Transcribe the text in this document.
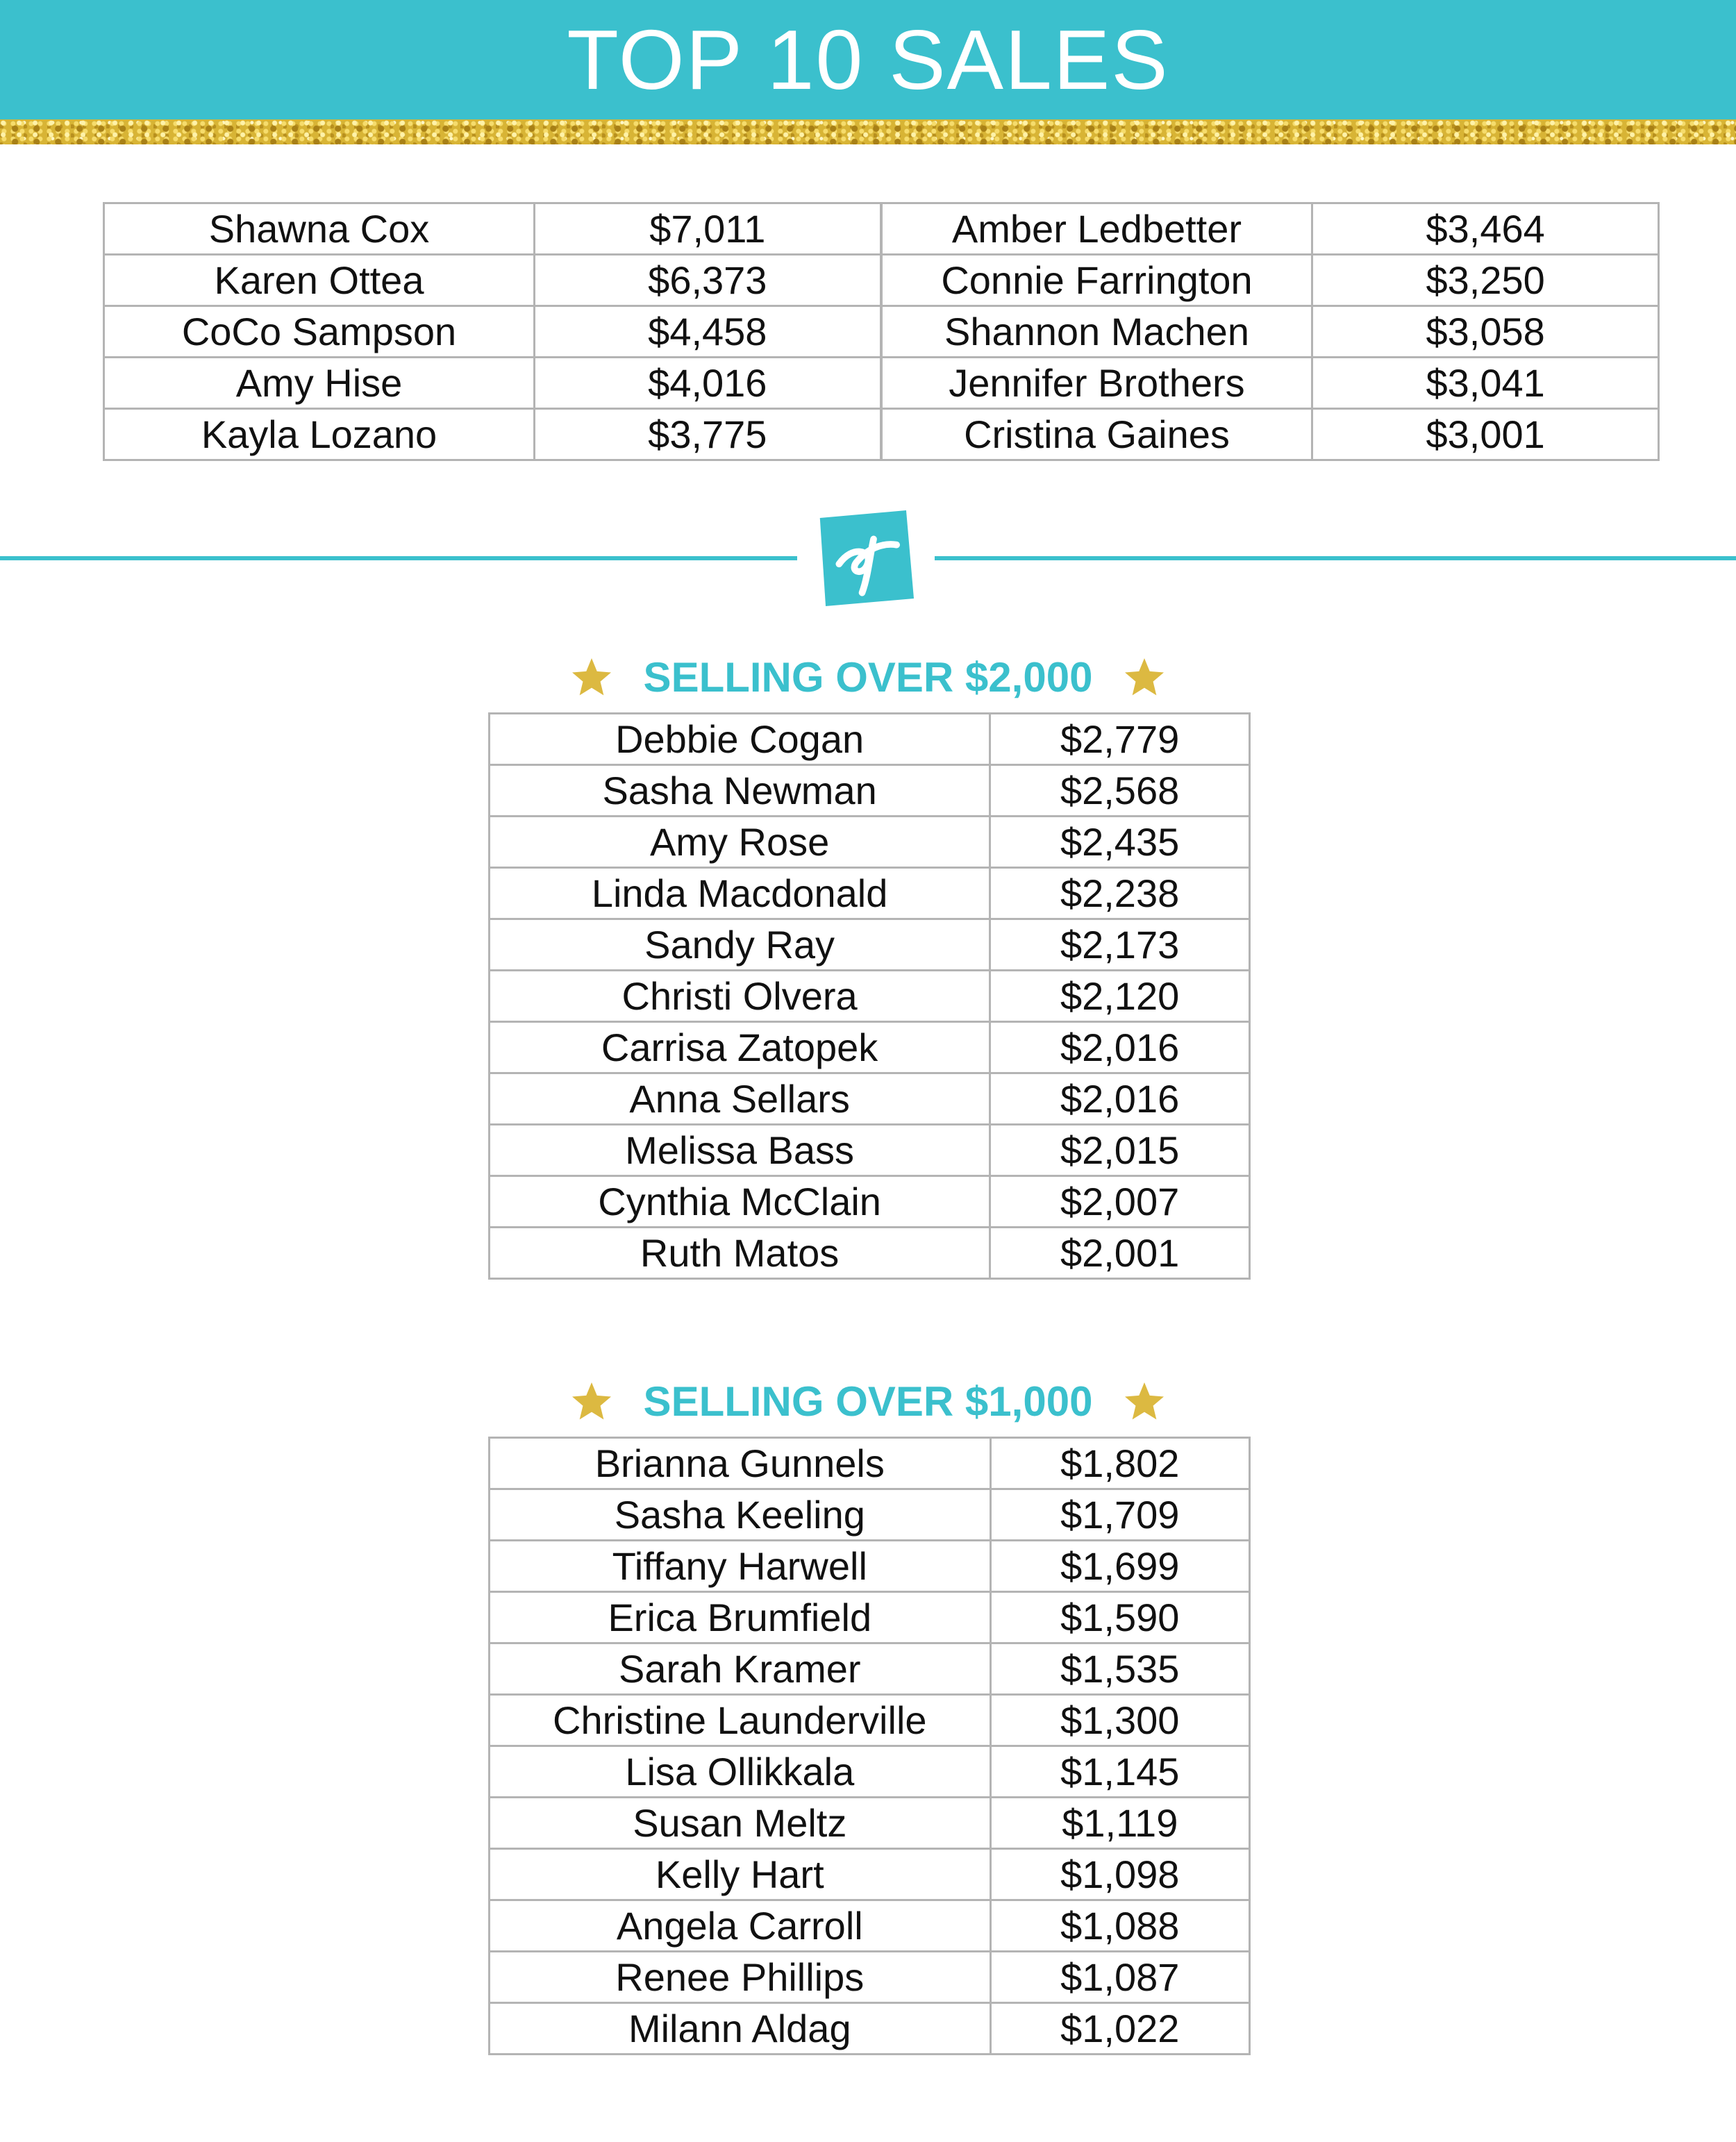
TOP 10 SALES
Shawna Cox	$7,011	Amber Ledbetter	$3,464
Karen Ottea	$6,373	Connie Farrington	$3,250
CoCo Sampson	$4,458	Shannon Machen	$3,058
Amy Hise	$4,016	Jennifer Brothers	$3,041
Kayla Lozano	$3,775	Cristina Gaines	$3,001
SELLING OVER $2,000
Debbie Cogan	$2,779
Sasha Newman	$2,568
Amy Rose	$2,435
Linda Macdonald	$2,238
Sandy Ray	$2,173
Christi Olvera	$2,120
Carrisa Zatopek	$2,016
Anna Sellars	$2,016
Melissa Bass	$2,015
Cynthia McClain	$2,007
Ruth Matos	$2,001
SELLING OVER $1,000
Brianna Gunnels	$1,802
Sasha Keeling	$1,709
Tiffany Harwell	$1,699
Erica Brumfield	$1,590
Sarah Kramer	$1,535
Christine Launderville	$1,300
Lisa Ollikkala	$1,145
Susan Meltz	$1,119
Kelly Hart	$1,098
Angela Carroll	$1,088
Renee Phillips	$1,087
Milann Aldag	$1,022
